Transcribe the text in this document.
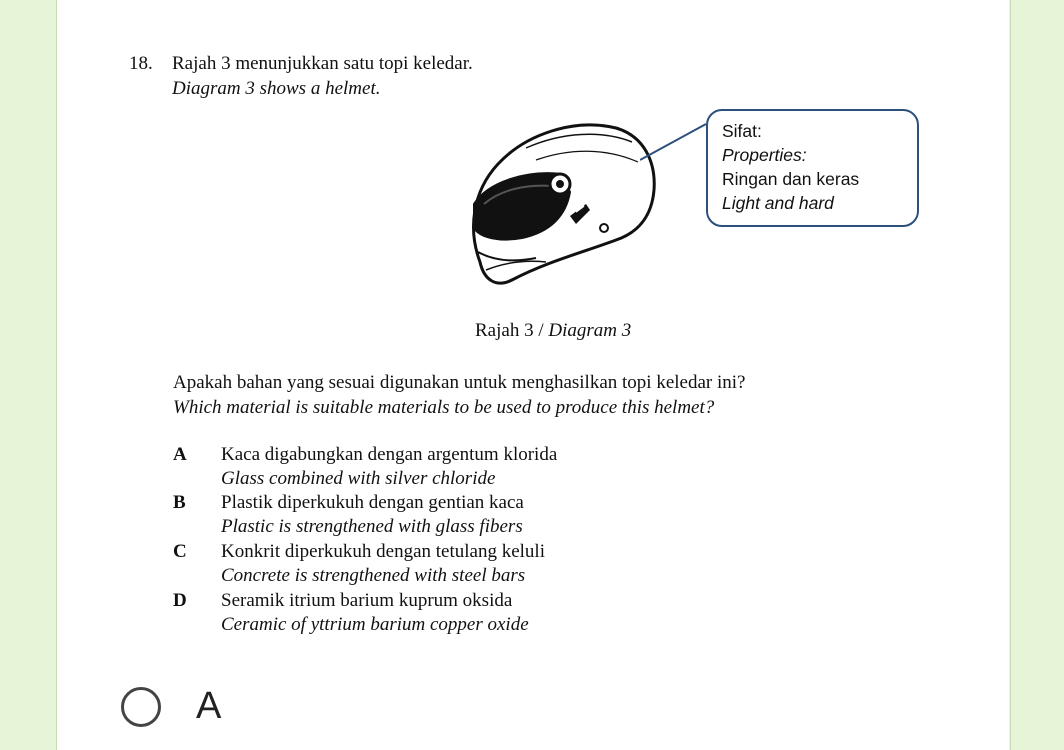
18. Rajah 3 menunjukkan satu topi keledar.
Diagram 3 shows a helmet.
Sifat:
Properties:
Ringan dan keras
Light and hard
Rajah 3 / Diagram 3
Apakah bahan yang sesuai digunakan untuk menghasilkan topi keledar ini?
Which material is suitable materials to be used to produce this helmet?
A Kaca digabungkan dengan argentum klorida
Glass combined with silver chloride
B Plastik diperkukuh dengan gentian kaca
Plastic is strengthened with glass fibers
C Konkrit diperkukuh dengan tetulang keluli
Concrete is strengthened with steel bars
D Seramik itrium barium kuprum oksida
Ceramic of yttrium barium copper oxide
A
